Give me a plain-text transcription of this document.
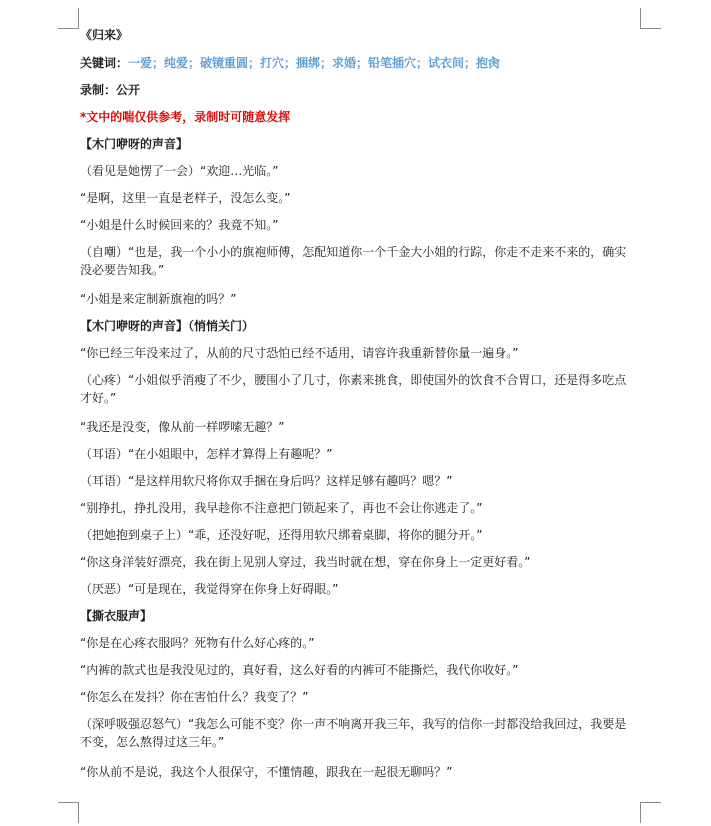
《归来》
关键词：一爱；纯爱；破镜重圆；打穴；捆绑；求婚；铅笔插穴；试衣间；抱肏
录制：公开
*文中的喘仅供参考，录制时可随意发挥
【木门咿呀的声音】
（看见是她愣了一会）“欢迎…光临。”
“是啊，这里一直是老样子，没怎么变。”
“小姐是什么时候回来的？我竟不知。”
（自嘲）“也是，我一个小小的旗袍师傅，怎配知道你一个千金大小姐的行踪，你走不走来不来的，确实没必要告知我。”
“小姐是来定制新旗袍的吗？”
【木门咿呀的声音】（悄悄关门）
“你已经三年没来过了，从前的尺寸恐怕已经不适用，请容许我重新替你量一遍身。”
（心疼）“小姐似乎消瘦了不少，腰围小了几寸，你素来挑食，即使国外的饮食不合胃口，还是得多吃点才好。”
“我还是没变，像从前一样啰嗦无趣？”
（耳语）“在小姐眼中，怎样才算得上有趣呢？”
（耳语）“是这样用软尺将你双手捆在身后吗？这样足够有趣吗？嗯？”
“别挣扎，挣扎没用，我早趁你不注意把门锁起来了，再也不会让你逃走了。”
（把她抱到桌子上）“乖，还没好呢，还得用软尺绑着桌脚，将你的腿分开。”
“你这身洋装好漂亮，我在街上见别人穿过，我当时就在想，穿在你身上一定更好看。”
（厌恶）“可是现在，我觉得穿在你身上好碍眼。”
【撕衣服声】
“你是在心疼衣服吗？死物有什么好心疼的。”
“内裤的款式也是我没见过的，真好看，这么好看的内裤可不能撕烂，我代你收好。”
“你怎么在发抖？你在害怕什么？我变了？”
（深呼吸强忍怒气）“我怎么可能不变？你一声不响离开我三年，我写的信你一封都没给我回过，我要是不变，怎么熬得过这三年。”
“你从前不是说，我这个人很保守，不懂情趣，跟我在一起很无聊吗？”
